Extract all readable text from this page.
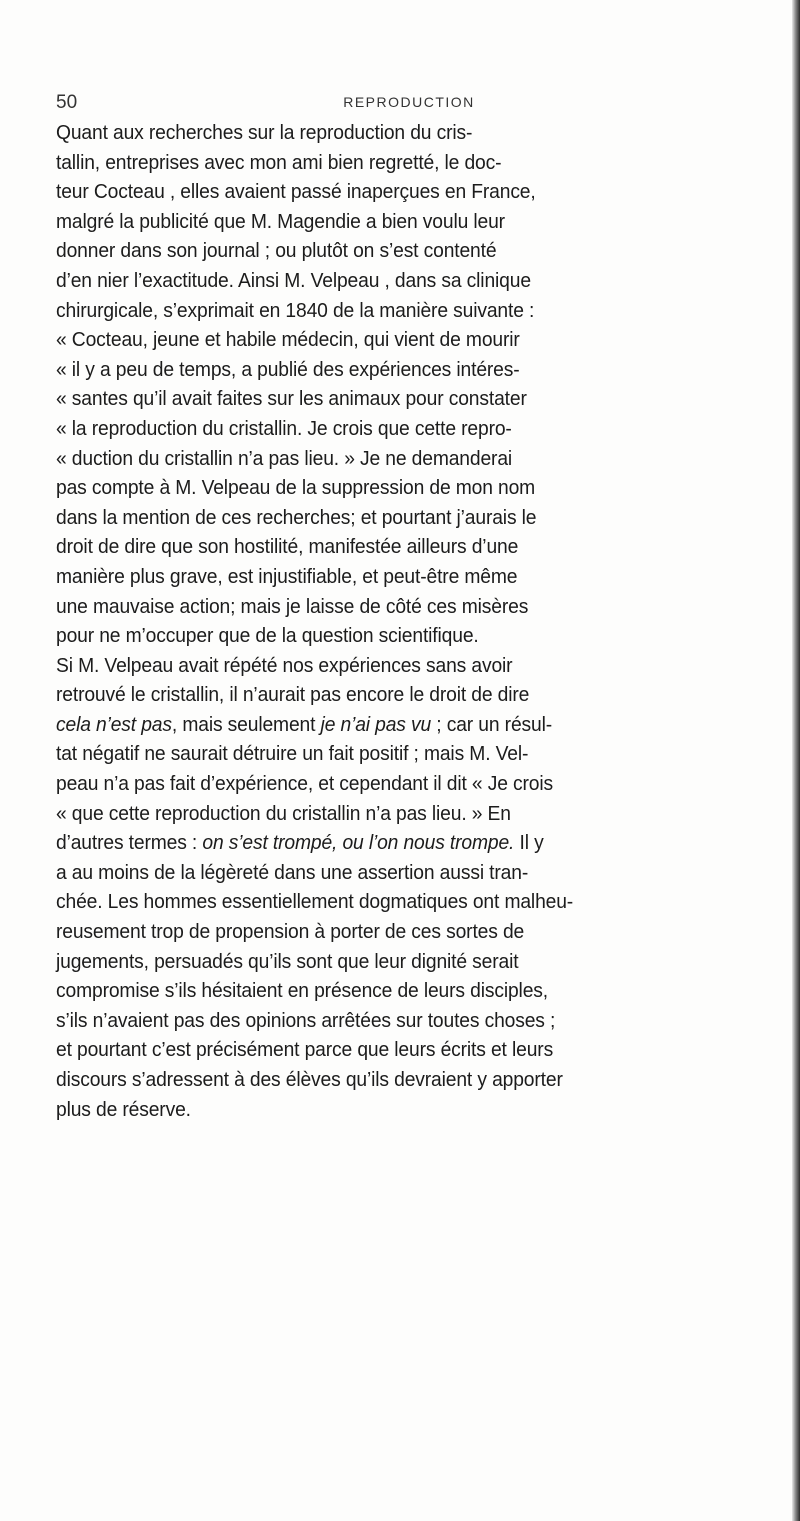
50	REPRODUCTION
Quant aux recherches sur la reproduction du cris-
tallin, entreprises avec mon ami bien regretté, le doc-
teur Cocteau , elles avaient passé inaperçues en France,
malgré la publicité que M. Magendie a bien voulu leur
donner dans son journal ; ou plutôt on s’est contenté
d’en nier l’exactitude. Ainsi M. Velpeau , dans sa clinique
chirurgicale, s’exprimait en 1840 de la manière suivante :
« Cocteau, jeune et habile médecin, qui vient de mourir
« il y a peu de temps, a publié des expériences intéres-
« santes qu’il avait faites sur les animaux pour constater
« la reproduction du cristallin. Je crois que cette repro-
« duction du cristallin n’a pas lieu. » Je ne demanderai
pas compte à M. Velpeau de la suppression de mon nom
dans la mention de ces recherches; et pourtant j’aurais le
droit de dire que son hostilité, manifestée ailleurs d’une
manière plus grave, est injustifiable, et peut-être même
une mauvaise action; mais je laisse de côté ces misères
pour ne m’occuper que de la question scientifique.
Si M. Velpeau avait répété nos expériences sans avoir
retrouvé le cristallin, il n’aurait pas encore le droit de dire
cela n’est pas, mais seulement je n’ai pas vu ; car un résul-
tat négatif ne saurait détruire un fait positif ; mais M. Vel-
peau n’a pas fait d’expérience, et cependant il dit « Je crois
« que cette reproduction du cristallin n’a pas lieu. » En
d’autres termes : on s’est trompé, ou l’on nous trompe. Il y
a au moins de la légèreté dans une assertion aussi tran-
chée. Les hommes essentiellement dogmatiques ont malheu-
reusement trop de propension à porter de ces sortes de
jugements, persuadés qu’ils sont que leur dignité serait
compromise s’ils hésitaient en présence de leurs disciples,
s’ils n’avaient pas des opinions arrêtées sur toutes choses ;
et pourtant c’est précisément parce que leurs écrits et leurs
discours s’adressent à des élèves qu’ils devraient y apporter
plus de réserve.
